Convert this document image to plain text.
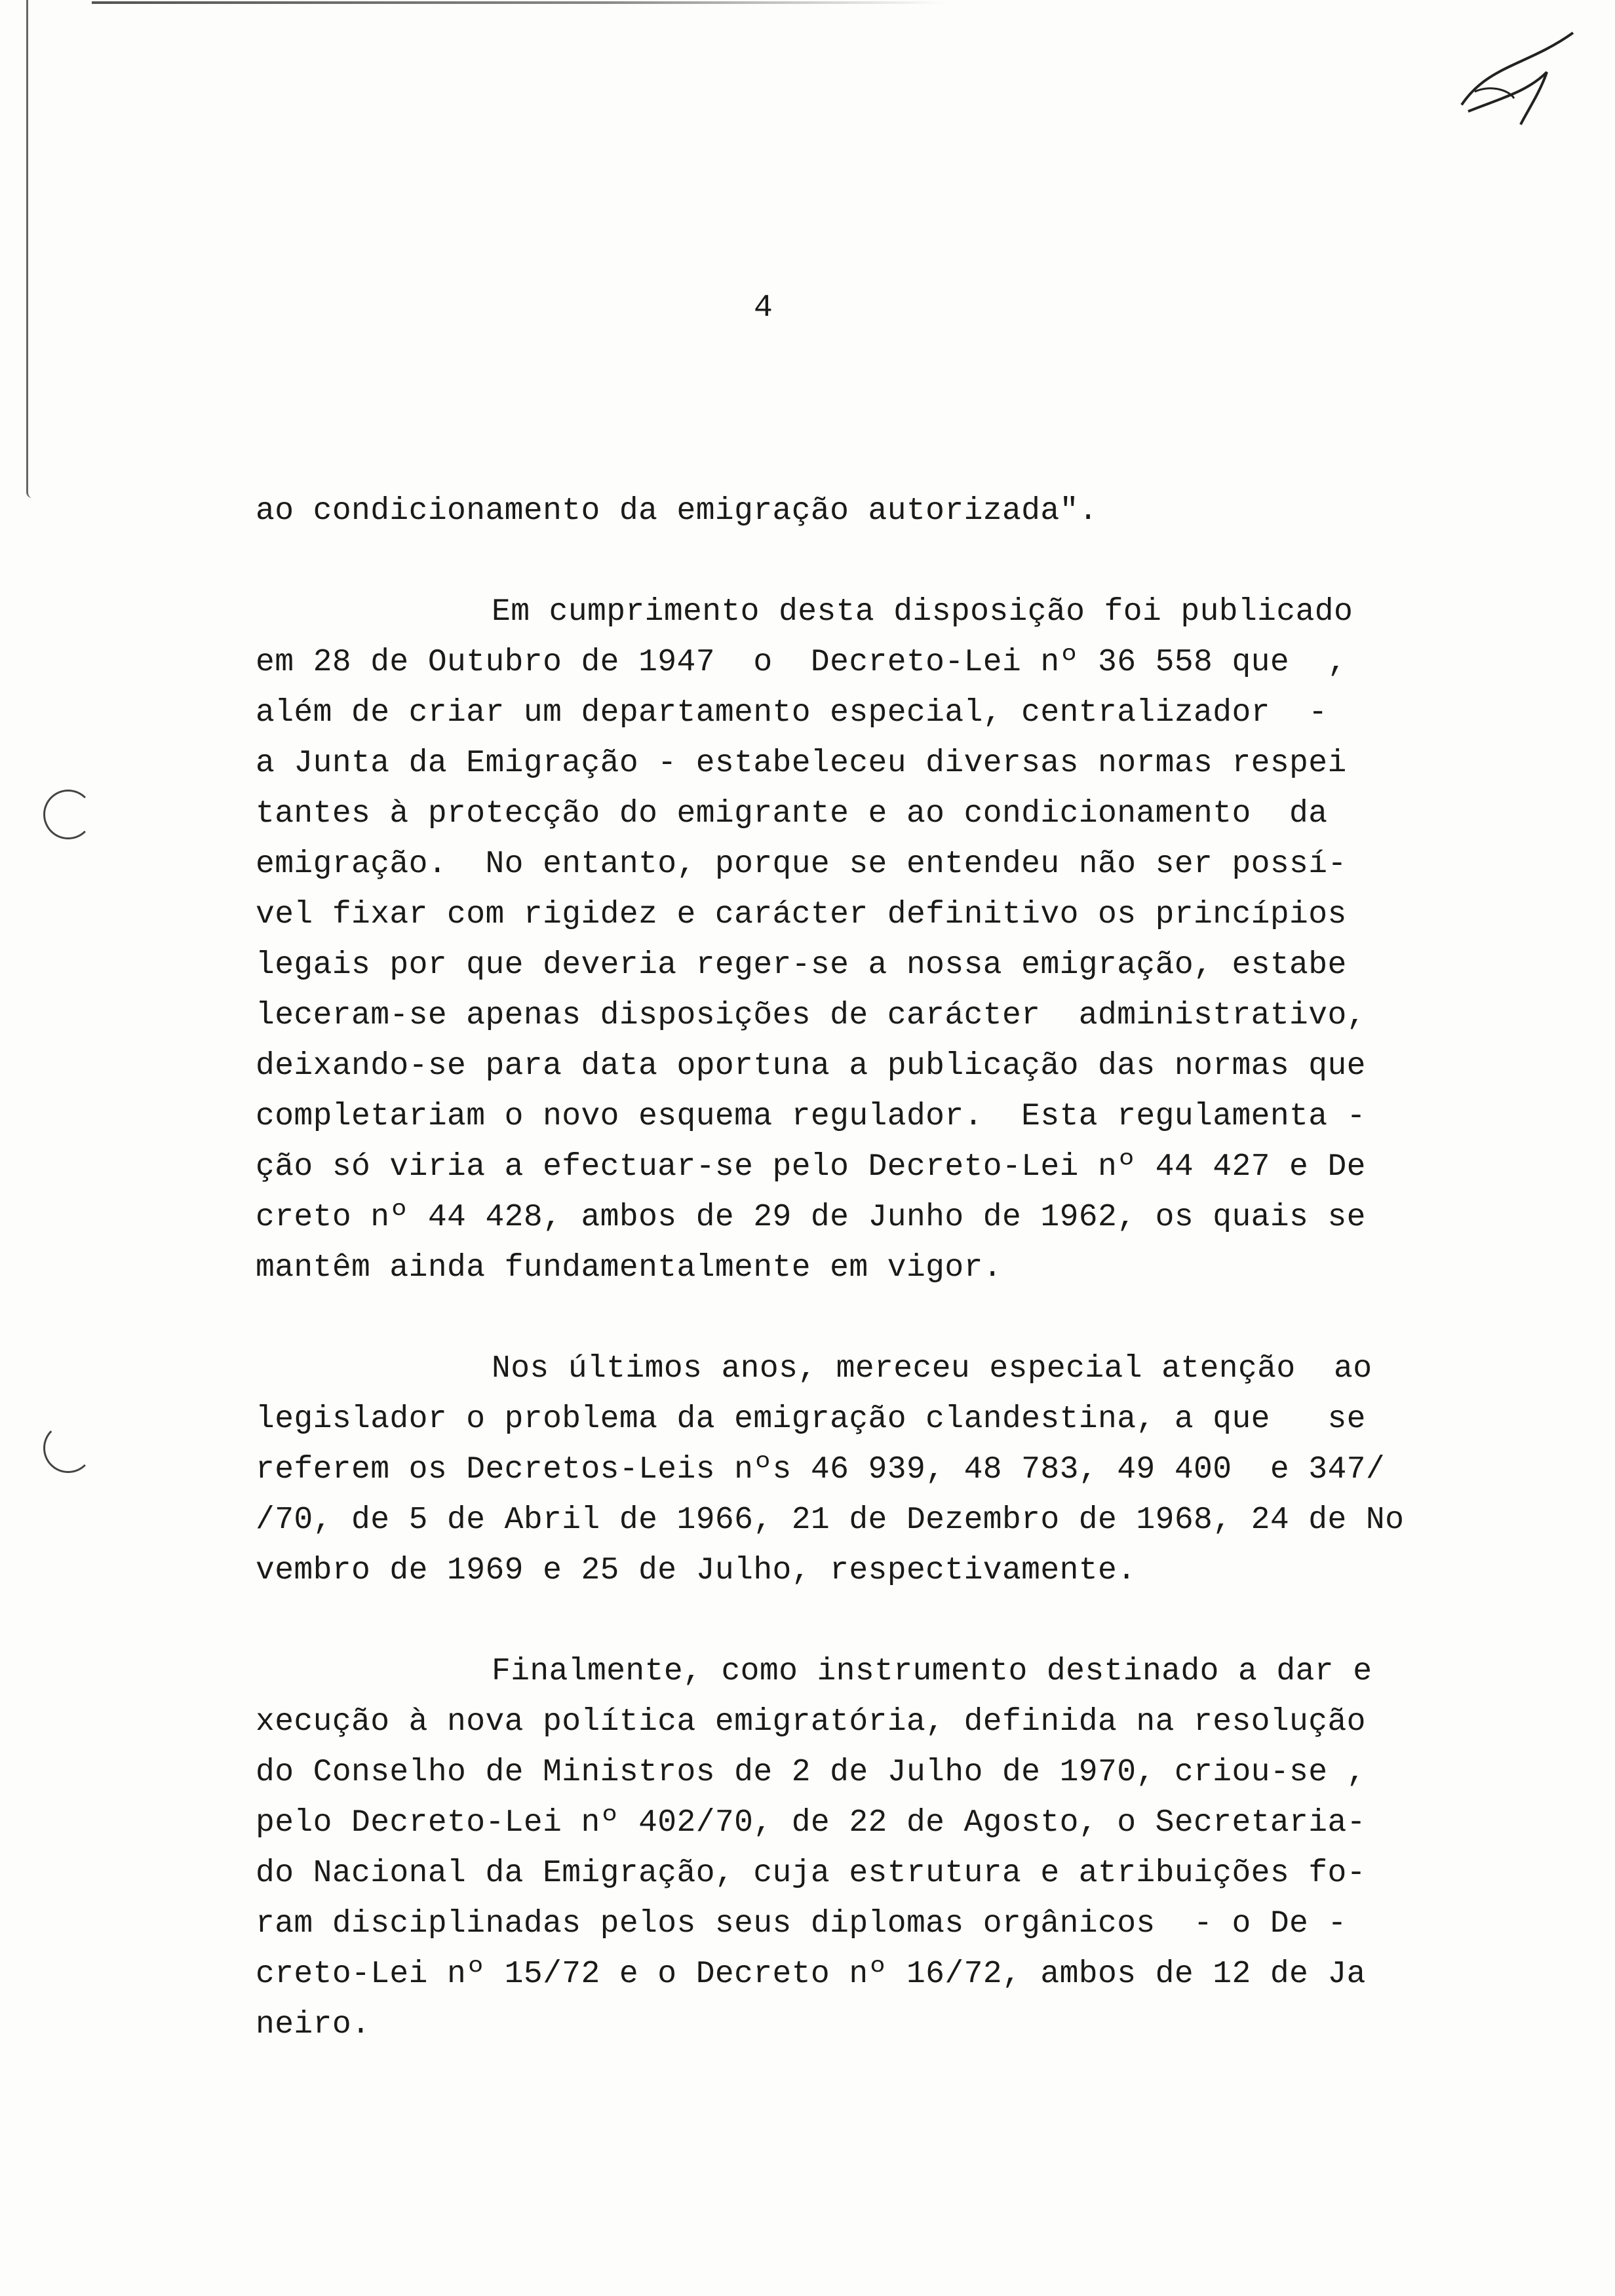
4
ao condicionamento da emigração autorizada".
Em cumprimento desta disposição foi publicado
em 28 de Outubro de 1947  o  Decreto-Lei nº 36 558 que  ,
além de criar um departamento especial, centralizador  -
a Junta da Emigração - estabeleceu diversas normas respei
tantes à protecção do emigrante e ao condicionamento  da
emigração.  No entanto, porque se entendeu não ser possí-
vel fixar com rigidez e carácter definitivo os princípios
legais por que deveria reger-se a nossa emigração, estabe
leceram-se apenas disposições de carácter  administrativo,
deixando-se para data oportuna a publicação das normas que
completariam o novo esquema regulador.  Esta regulamenta -
ção só viria a efectuar-se pelo Decreto-Lei nº 44 427 e De
creto nº 44 428, ambos de 29 de Junho de 1962, os quais se
mantêm ainda fundamentalmente em vigor.
Nos últimos anos, mereceu especial atenção  ao
legislador o problema da emigração clandestina, a que   se
referem os Decretos-Leis nºs 46 939, 48 783, 49 400  e 347/
/70, de 5 de Abril de 1966, 21 de Dezembro de 1968, 24 de No
vembro de 1969 e 25 de Julho, respectivamente.
Finalmente, como instrumento destinado a dar e
xecução à nova política emigratória, definida na resolução
do Conselho de Ministros de 2 de Julho de 1970, criou-se ,
pelo Decreto-Lei nº 402/70, de 22 de Agosto, o Secretaria-
do Nacional da Emigração, cuja estrutura e atribuições fo-
ram disciplinadas pelos seus diplomas orgânicos  - o De -
creto-Lei nº 15/72 e o Decreto nº 16/72, ambos de 12 de Ja
neiro.
